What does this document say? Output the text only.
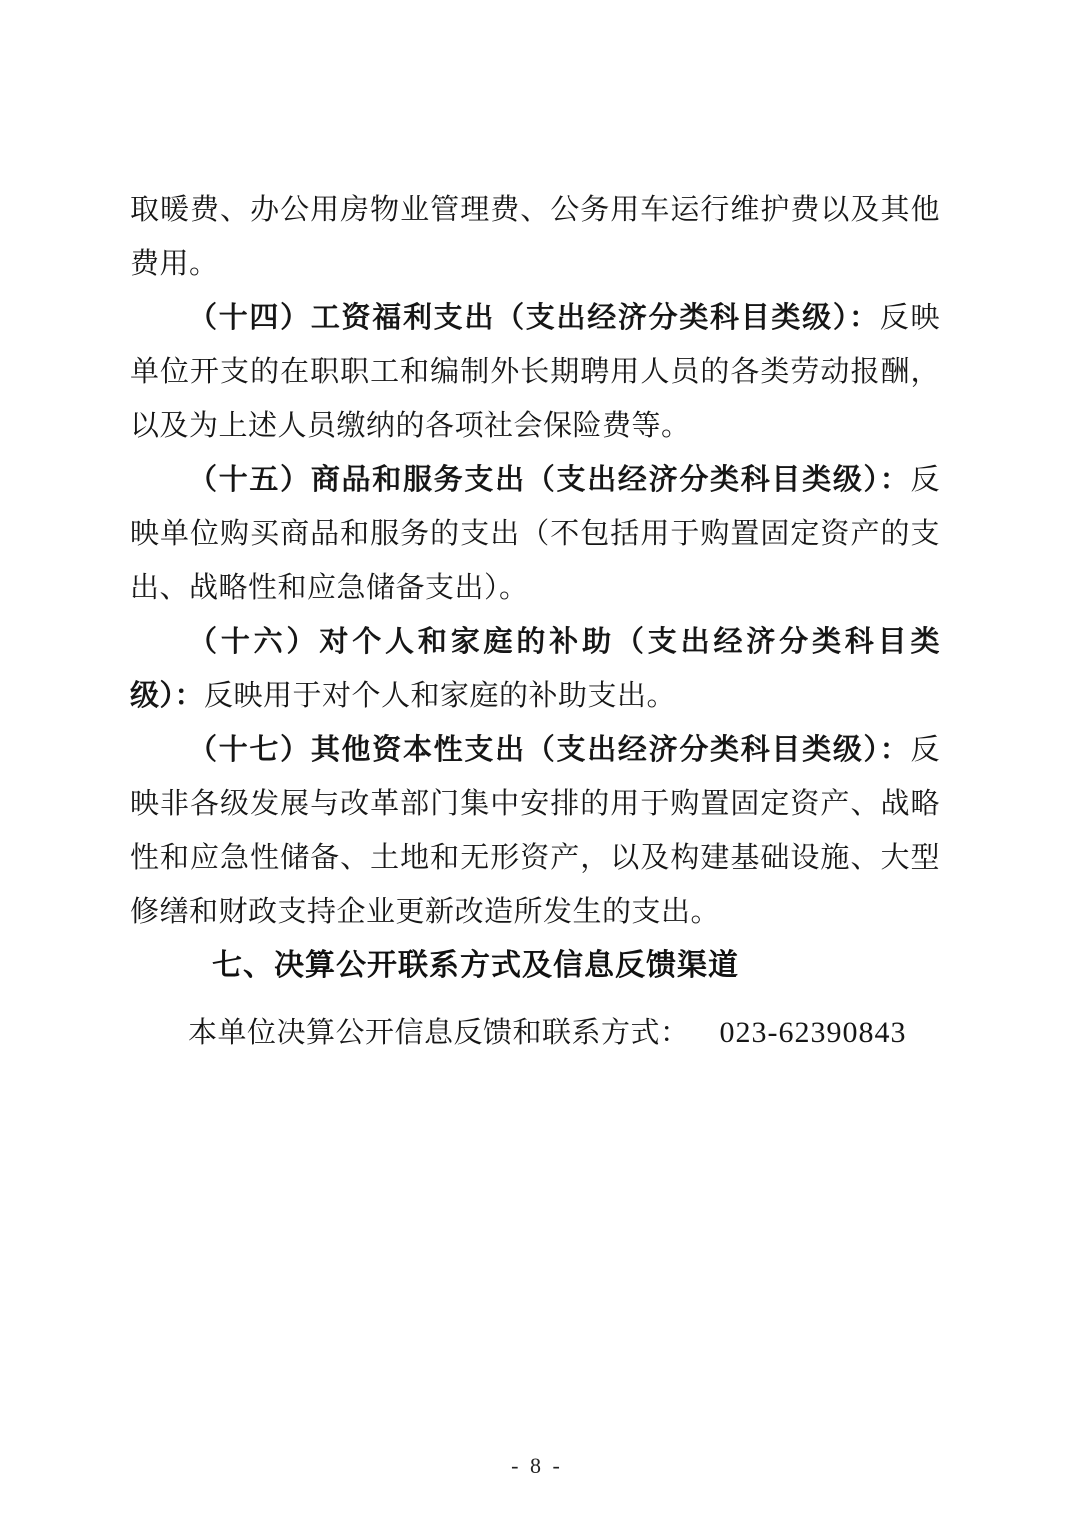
取暖费、办公用房物业管理费、公务用车运行维护费以及其他费用。

（十四）工资福利支出（支出经济分类科目类级）：反映单位开支的在职职工和编制外长期聘用人员的各类劳动报酬，以及为上述人员缴纳的各项社会保险费等。

（十五）商品和服务支出（支出经济分类科目类级）：反映单位购买商品和服务的支出（不包括用于购置固定资产的支出、战略性和应急储备支出）。

（十六）对个人和家庭的补助（支出经济分类科目类级）：反映用于对个人和家庭的补助支出。

（十七）其他资本性支出（支出经济分类科目类级）：反映非各级发展与改革部门集中安排的用于购置固定资产、战略性和应急性储备、土地和无形资产，以及构建基础设施、大型修缮和财政支持企业更新改造所发生的支出。

七、决算公开联系方式及信息反馈渠道

本单位决算公开信息反馈和联系方式： 023-62390843

- 8 -
